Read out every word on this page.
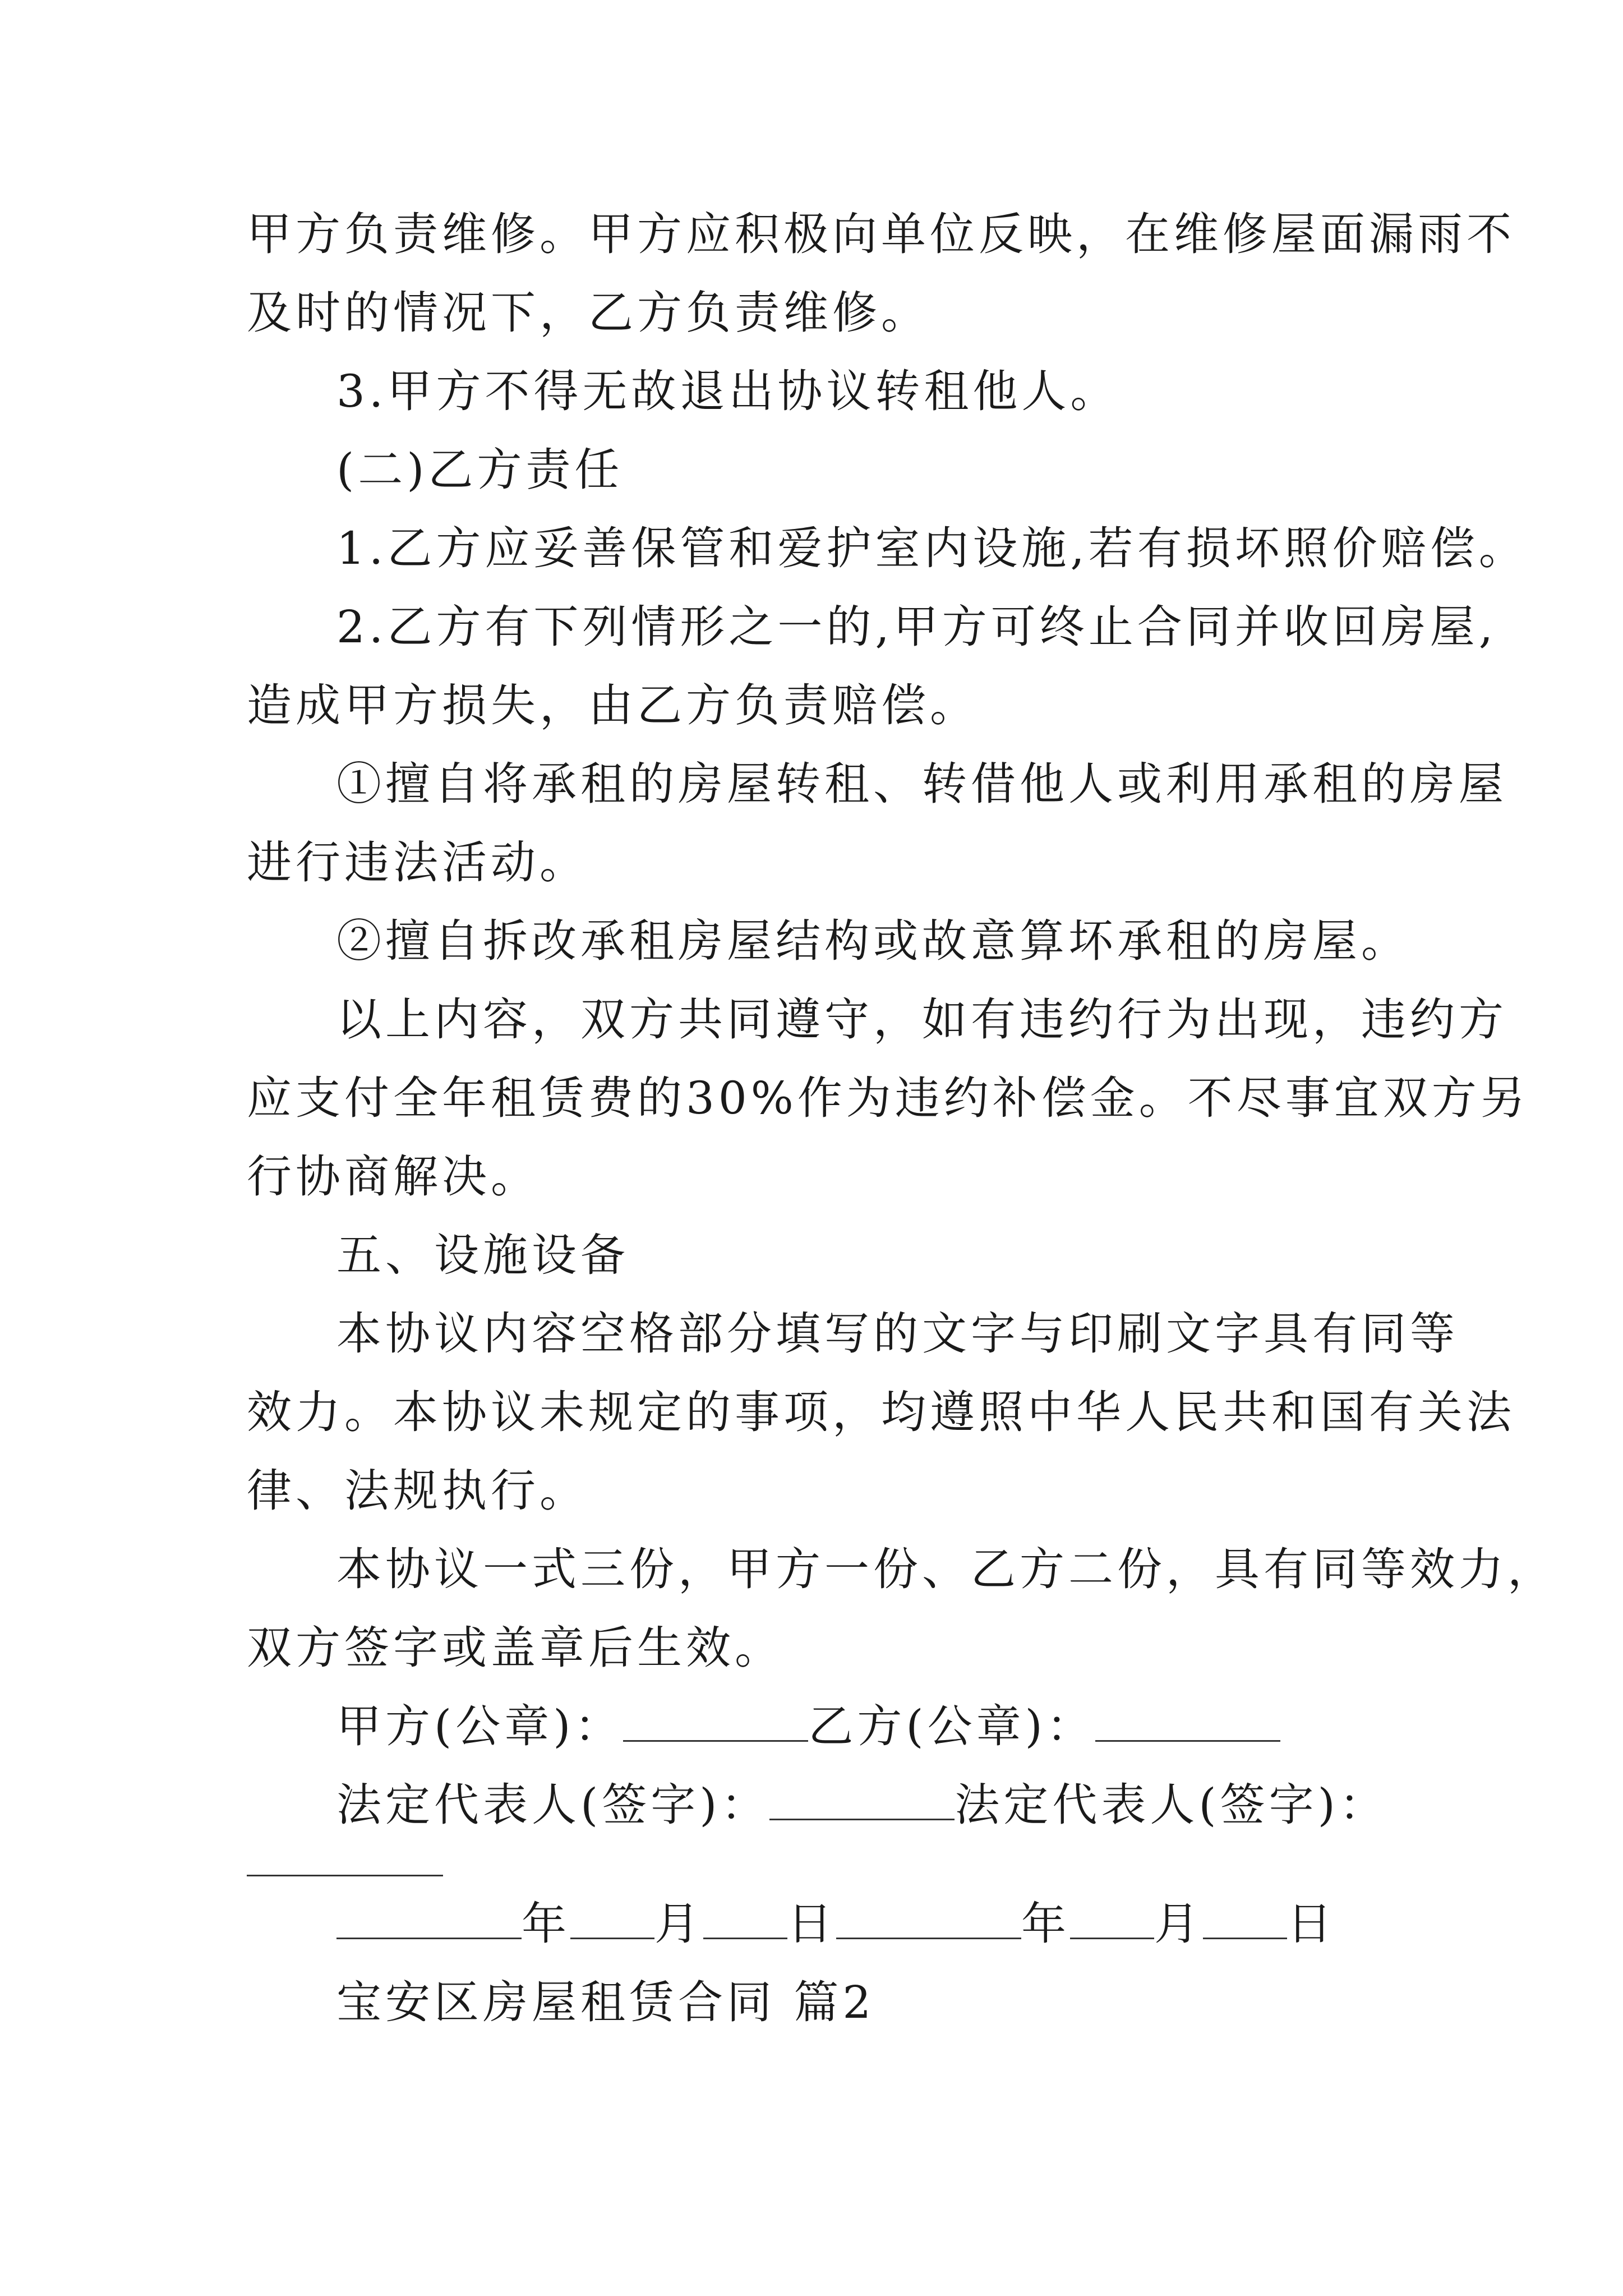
甲方负责维修。甲方应积极向单位反映，在维修屋面漏雨不
及时的情况下，乙方负责维修。
3.甲方不得无故退出协议转租他人。
(二)乙方责任
1.乙方应妥善保管和爱护室内设施,若有损坏照价赔偿。
2.乙方有下列情形之一的,甲方可终止合同并收回房屋,
造成甲方损失，由乙方负责赔偿。
①擅自将承租的房屋转租、转借他人或利用承租的房屋
进行违法活动。
②擅自拆改承租房屋结构或故意算坏承租的房屋。
以上内容，双方共同遵守，如有违约行为出现，违约方
应支付全年租赁费的30%作为违约补偿金。不尽事宜双方另
行协商解决。
五、设施设备
本协议内容空格部分填写的文字与印刷文字具有同等
效力。本协议未规定的事项，均遵照中华人民共和国有关法
律、法规执行。
本协议一式三份，甲方一份、乙方二份，具有同等效力，
双方签字或盖章后生效。
甲方(公章)：	乙方(公章)：
法定代表人(签字)：	法定代表人(签字)：
年 月 日	年 月 日
宝安区房屋租赁合同 篇2
